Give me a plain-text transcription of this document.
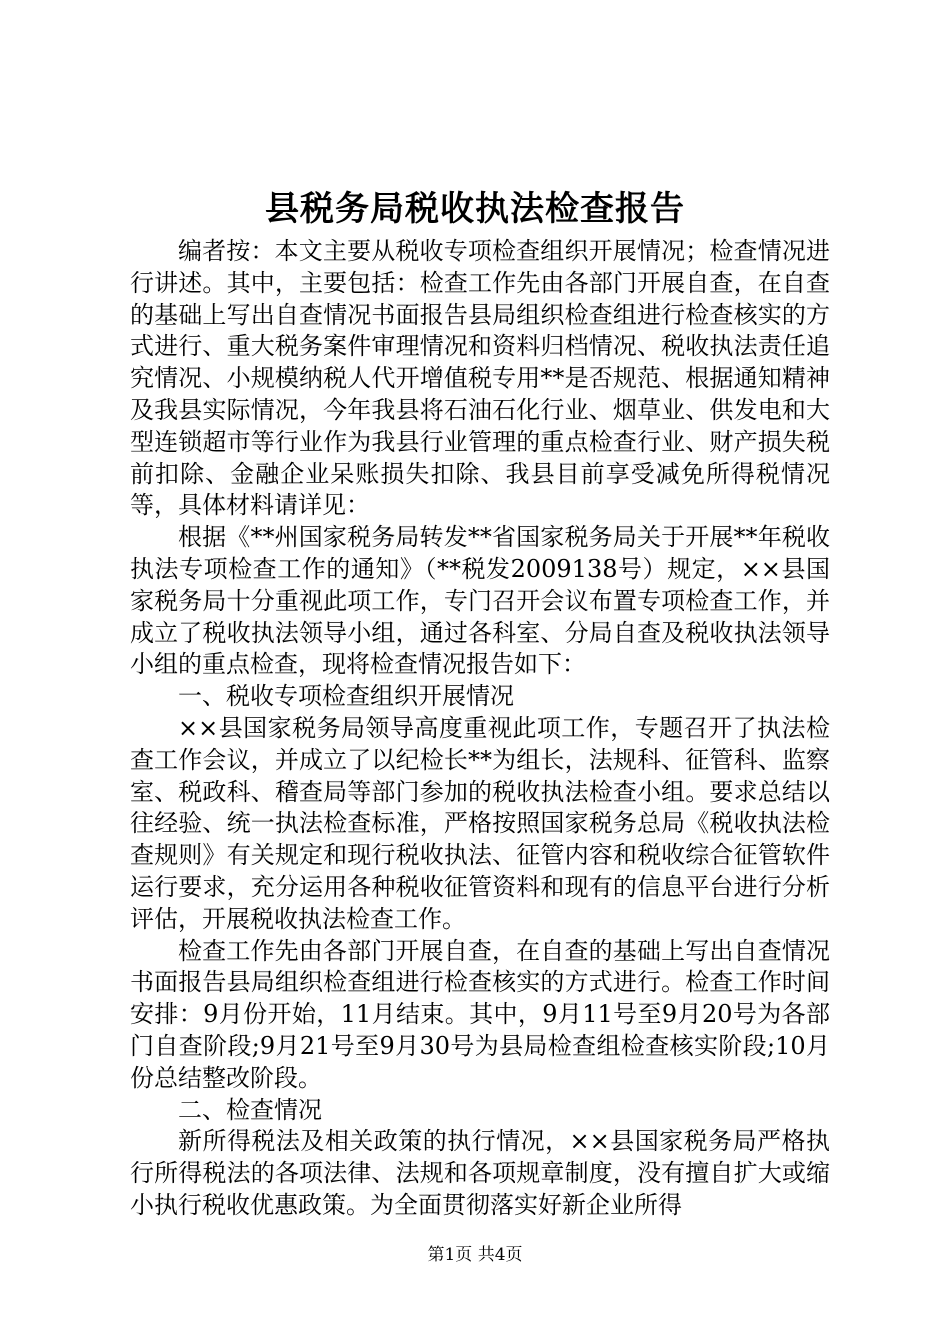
县税务局税收执法检查报告

编者按：本文主要从税收专项检查组织开展情况；检查情况进行讲述。其中，主要包括：检查工作先由各部门开展自查，在自查的基础上写出自查情况书面报告县局组织检查组进行检查核实的方式进行、重大税务案件审理情况和资料归档情况、税收执法责任追究情况、小规模纳税人代开增值税专用**是否规范、根据通知精神及我县实际情况，今年我县将石油石化行业、烟草业、供发电和大型连锁超市等行业作为我县行业管理的重点检查行业、财产损失税前扣除、金融企业呆账损失扣除、我县目前享受减免所得税情况等，具体材料请详见：

根据《**州国家税务局转发**省国家税务局关于开展**年税收执法专项检查工作的通知》（**税发2009138号）规定，××县国家税务局十分重视此项工作，专门召开会议布置专项检查工作，并成立了税收执法领导小组，通过各科室、分局自查及税收执法领导小组的重点检查，现将检查情况报告如下：

一、税收专项检查组织开展情况

××县国家税务局领导高度重视此项工作，专题召开了执法检查工作会议，并成立了以纪检长**为组长，法规科、征管科、监察室、税政科、稽查局等部门参加的税收执法检查小组。要求总结以往经验、统一执法检查标准，严格按照国家税务总局《税收执法检查规则》有关规定和现行税收执法、征管内容和税收综合征管软件运行要求，充分运用各种税收征管资料和现有的信息平台进行分析评估，开展税收执法检查工作。

检查工作先由各部门开展自查，在自查的基础上写出自查情况书面报告县局组织检查组进行检查核实的方式进行。检查工作时间安排：9月份开始，11月结束。其中，9月11号至9月20号为各部门自查阶段;9月21号至9月30号为县局检查组检查核实阶段;10月份总结整改阶段。

二、检查情况

新所得税法及相关政策的执行情况，××县国家税务局严格执行所得税法的各项法律、法规和各项规章制度，没有擅自扩大或缩小执行税收优惠政策。为全面贯彻落实好新企业所得

第1页 共4页
